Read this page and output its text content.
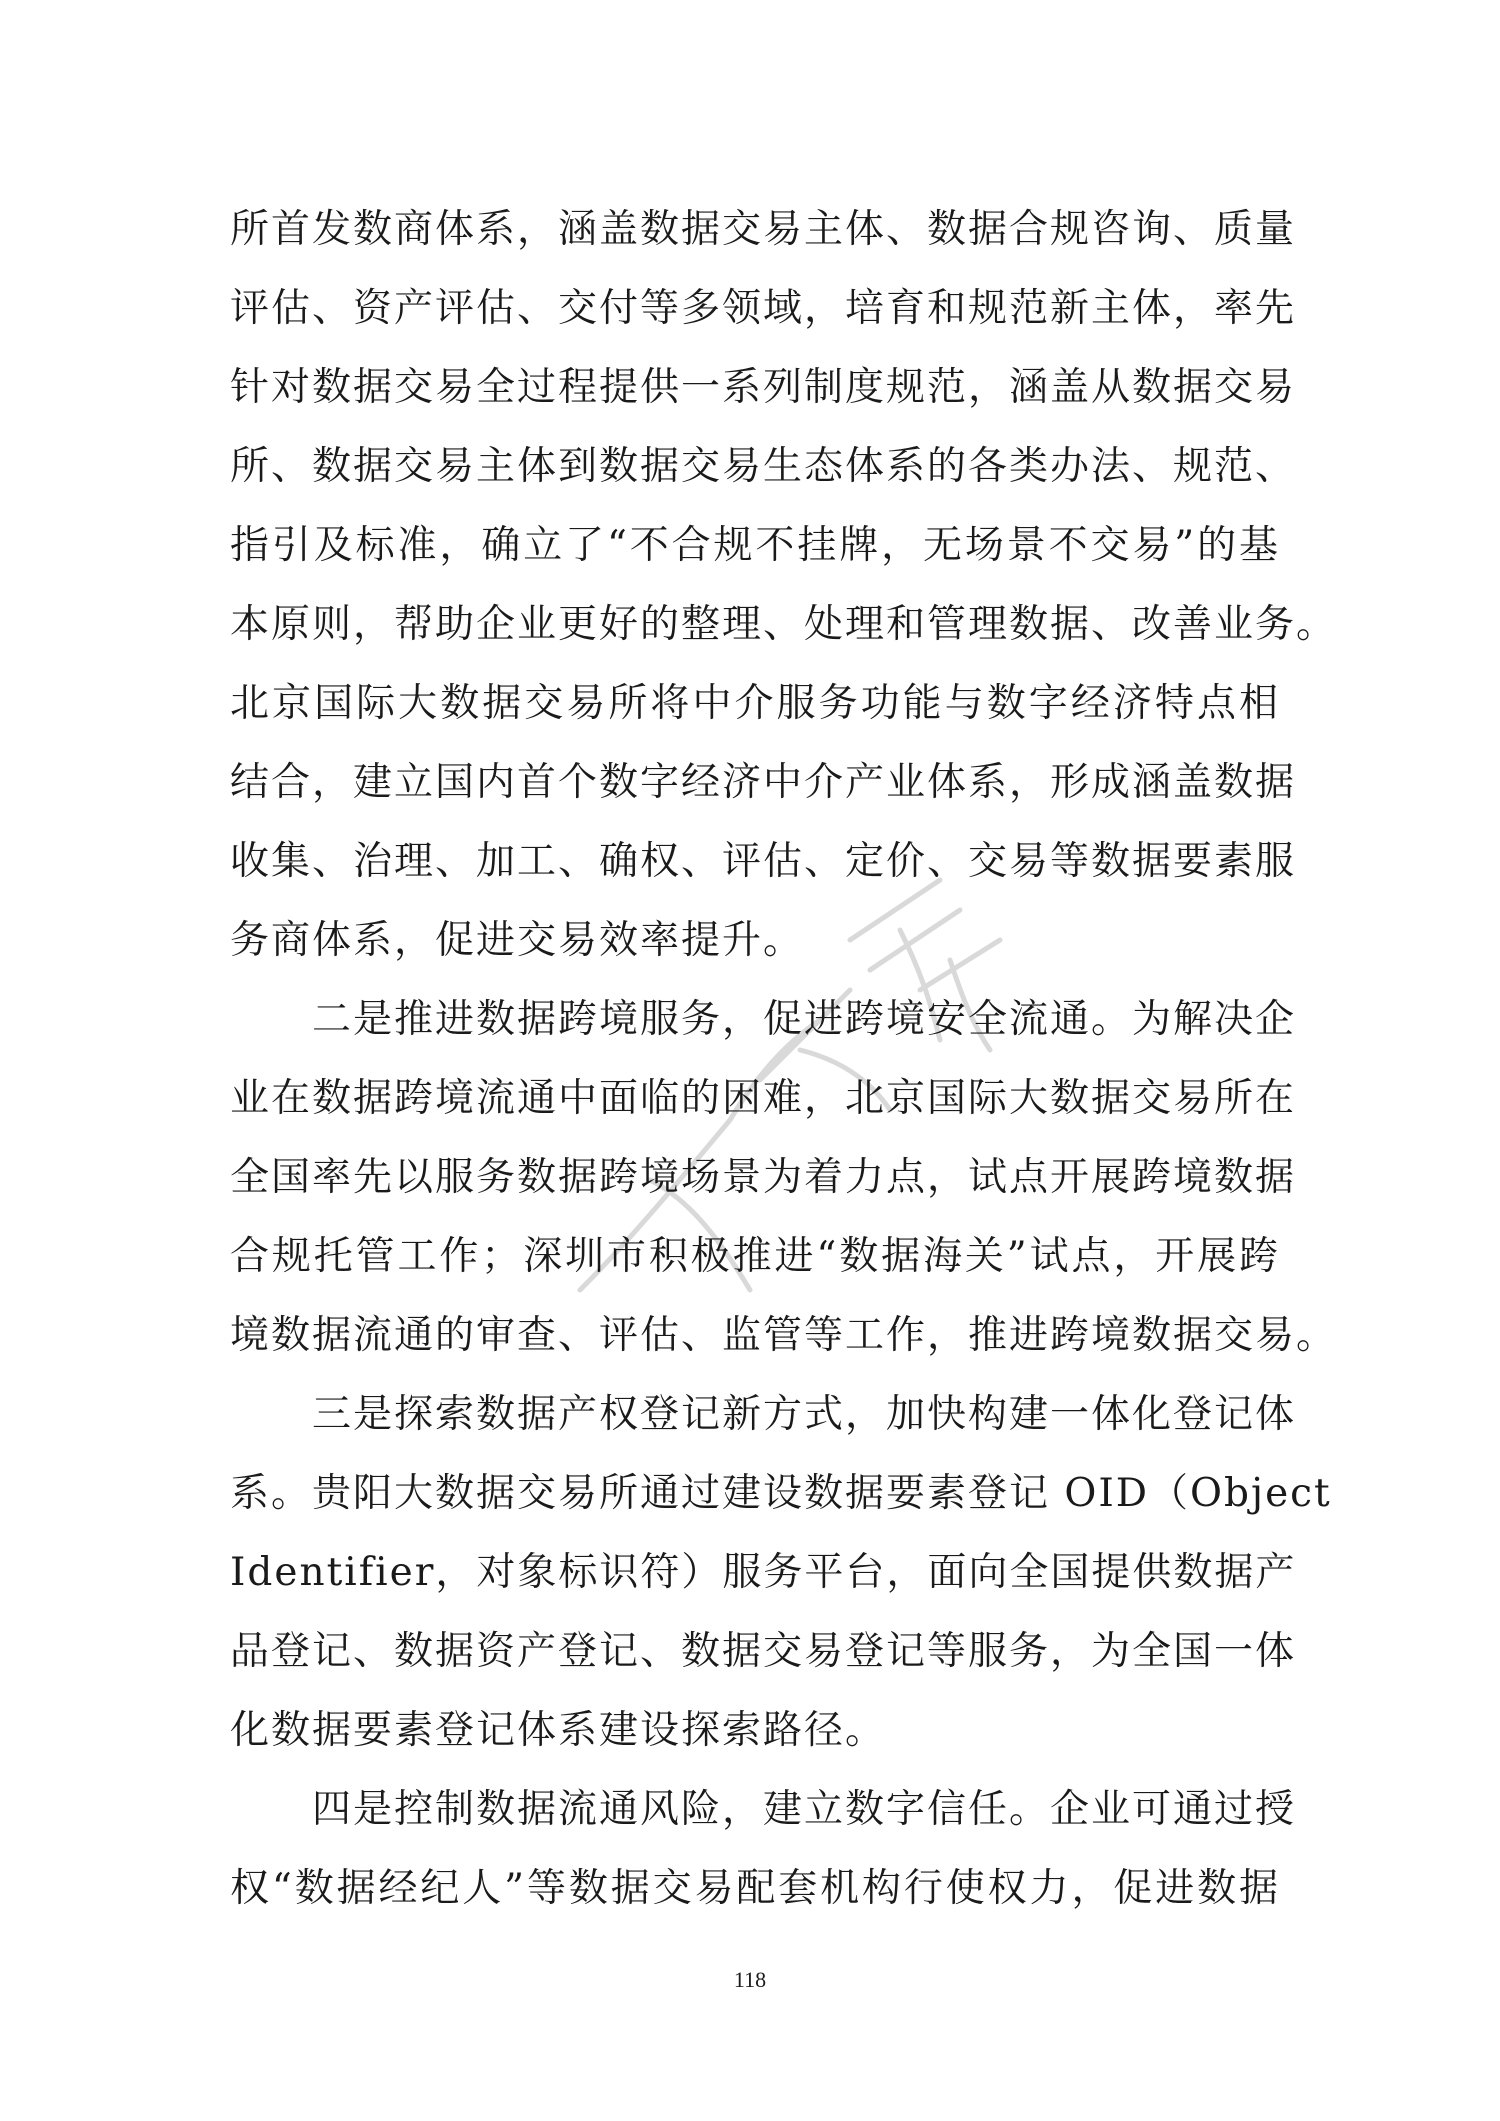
所首发数商体系，涵盖数据交易主体、数据合规咨询、质量
评估、资产评估、交付等多领域，培育和规范新主体，率先
针对数据交易全过程提供一系列制度规范，涵盖从数据交易
所、数据交易主体到数据交易生态体系的各类办法、规范、
指引及标准，确立了“不合规不挂牌，无场景不交易”的基
本原则，帮助企业更好的整理、处理和管理数据、改善业务。
北京国际大数据交易所将中介服务功能与数字经济特点相
结合，建立国内首个数字经济中介产业体系，形成涵盖数据
收集、治理、加工、确权、评估、定价、交易等数据要素服
务商体系，促进交易效率提升。
二是推进数据跨境服务，促进跨境安全流通。为解决企
业在数据跨境流通中面临的困难，北京国际大数据交易所在
全国率先以服务数据跨境场景为着力点，试点开展跨境数据
合规托管工作；深圳市积极推进“数据海关”试点，开展跨
境数据流通的审查、评估、监管等工作，推进跨境数据交易。
三是探索数据产权登记新方式，加快构建一体化登记体
系。贵阳大数据交易所通过建设数据要素登记 OID（Object
Identifier，对象标识符）服务平台，面向全国提供数据产
品登记、数据资产登记、数据交易登记等服务，为全国一体
化数据要素登记体系建设探索路径。
四是控制数据流通风险，建立数字信任。企业可通过授
权“数据经纪人”等数据交易配套机构行使权力，促进数据
118
